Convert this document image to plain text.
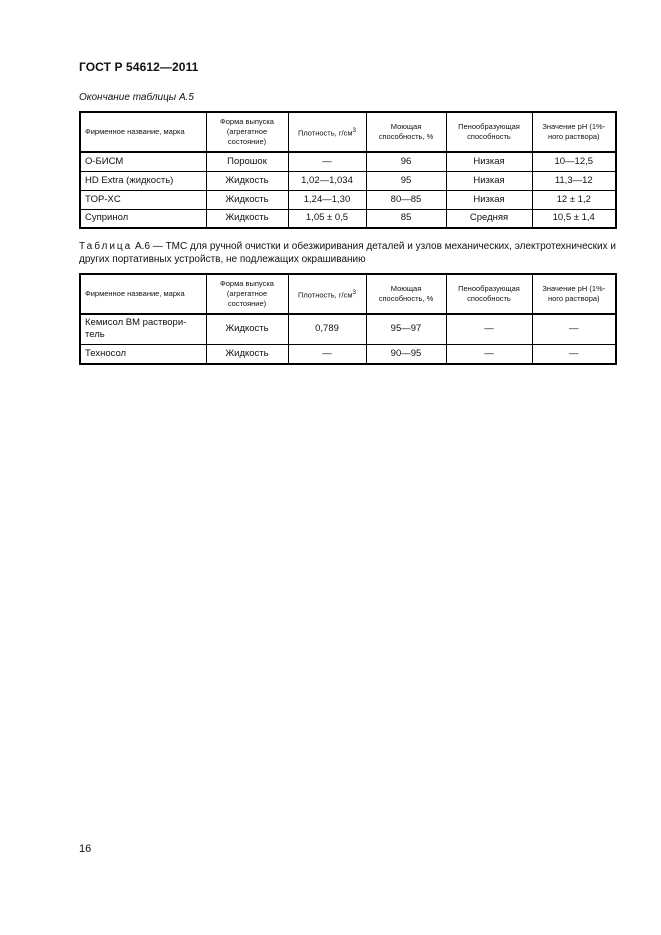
ГОСТ Р 54612—2011
Окончание таблицы А.5
Фирменное название, марка	Форма выпуска (агрегатное состояние)	Плотность, $г/см^3$	Моющая способность, %	Пенообразующая способность	Значение pH (1%-ного раствора)
О-БИСМ	Порошок	—	96	Низкая	10—12,5
HD Extra (жидкость)	Жидкость	1,02—1,034	95	Низкая	11,3—12
TOP-XC	Жидкость	1,24—1,30	80—85	Низкая	12 ± 1,2
Супринол	Жидкость	1,05 ± 0,5	85	Средняя	10,5 ± 1,4
Таблица А.6 — ТМС для ручной очистки и обезжиривания деталей и узлов механических, электротехнических и других портативных устройств, не подлежащих окрашиванию
Фирменное название, марка	Форма выпуска (агрегатное состояние)	Плотность, $г/см^3$	Моющая способность, %	Пенообразующая способность	Значение pH (1%-ного раствора)
Кемисол ВМ раствори-тель	Жидкость	0,789	95—97	—	—
Техносол	Жидкость	—	90—95	—	—
16
